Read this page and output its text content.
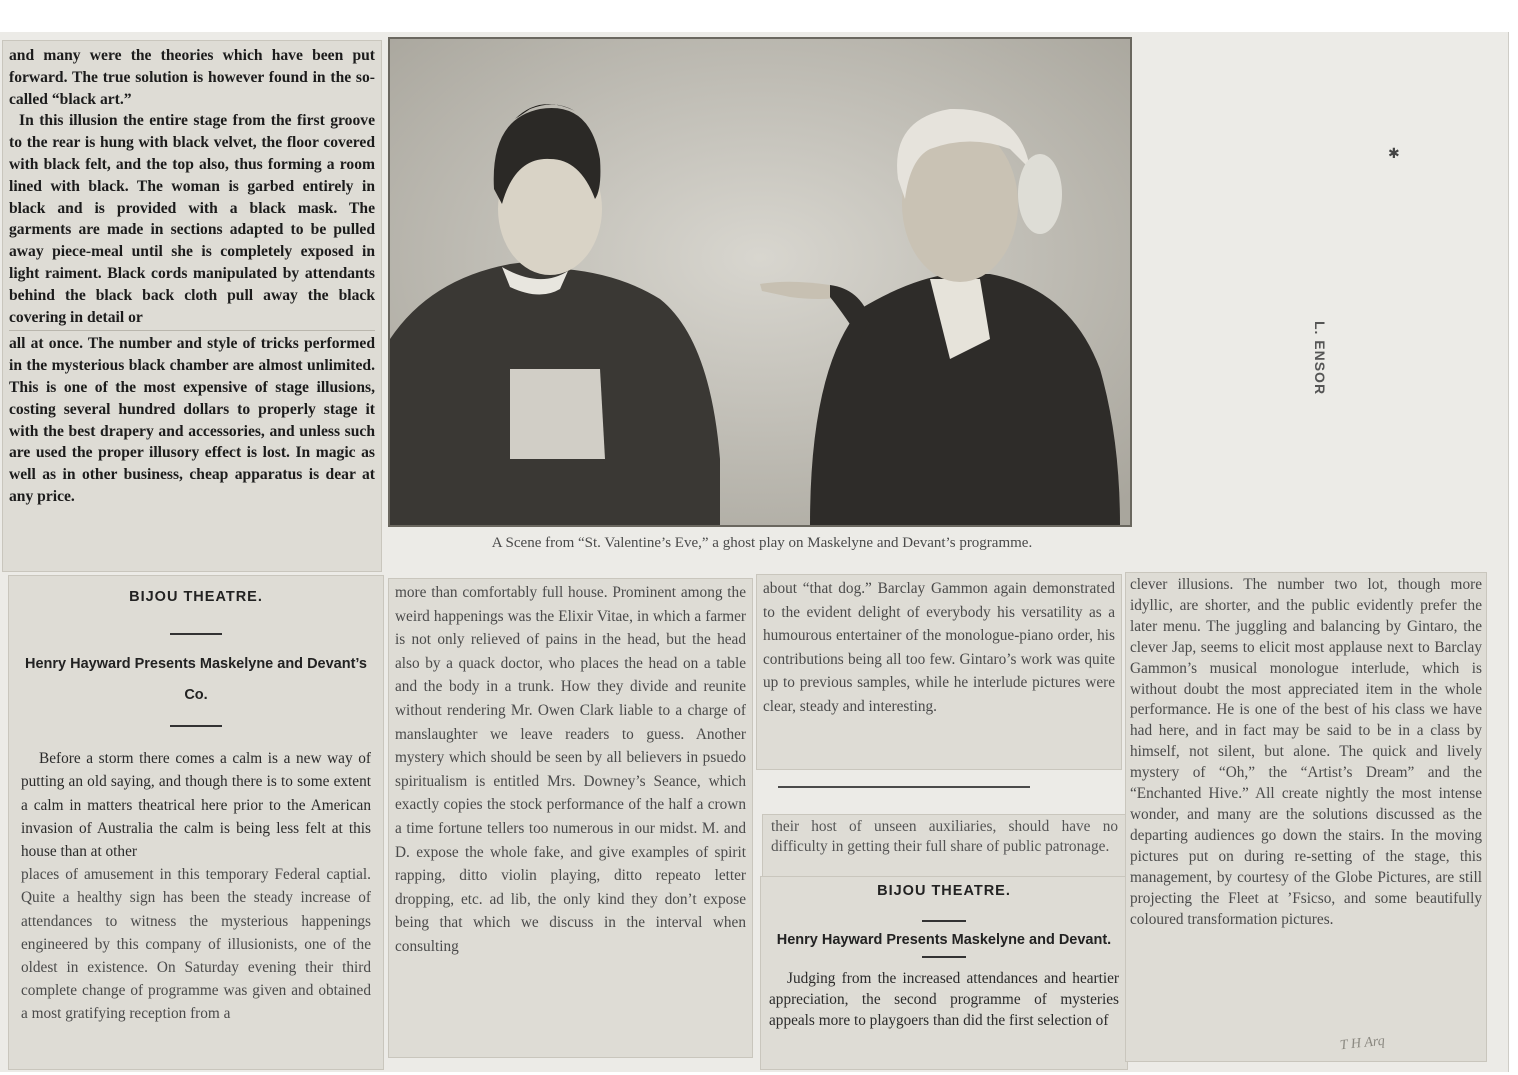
and many were the theories which have been put forward. The true solution is however found in the so-called “black art.”

In this illusion the entire stage from the first groove to the rear is hung with black velvet, the floor covered with black felt, and the top also, thus forming a room lined with black. The woman is garbed entirely in black and is provided with a black mask. The garments are made in sections adapted to be pulled away piece-meal until she is completely exposed in light raiment. Black cords manipulated by attendants behind the black back cloth pull away the black covering in detail or

all at once. The number and style of tricks performed in the mysterious black chamber are almost unlimited. This is one of the most expensive of stage illusions, costing several hundred dollars to properly stage it with the best drapery and accessories, and unless such are used the proper illusory effect is lost. In magic as well as in other business, cheap apparatus is dear at any price.

A Scene from “St. Valentine’s Eve,” a ghost play on Maskelyne and Devant’s programme.
BIJOU THEATRE.
Henry Hayward Presents Maskelyne and Devant’s Co.

Before a storm there comes a calm is a new way of putting an old saying, and though there is to some extent a calm in matters theatrical here prior to the American invasion of Australia the calm is being less felt at this house than at other

places of amusement in this temporary Federal captial. Quite a healthy sign has been the steady increase of attendances to witness the mysterious happenings engineered by this company of illusionists, one of the oldest in existence. On Saturday evening their third complete change of programme was given and obtained a most gratifying reception from a

more than comfortably full house. Prominent among the weird happenings was the Elixir Vitae, in which a farmer is not only relieved of pains in the head, but the head also by a quack doctor, who places the head on a table and the body in a trunk. How they divide and reunite without rendering Mr. Owen Clark liable to a charge of manslaughter we leave readers to guess. Another mystery which should be seen by all believers in psuedo spiritualism is entitled Mrs. Downey’s Seance, which exactly copies the stock performance of the half a crown a time fortune tellers too numerous in our midst. M. and D. expose the whole fake, and give examples of spirit rapping, ditto violin playing, ditto repeato letter dropping, etc. ad lib, the only kind they don’t expose being that which we discuss in the interval when consulting

about “that dog.” Barclay Gammon again demonstrated to the evident delight of everybody his versatility as a humourous entertainer of the monologue-piano order, his contributions being all too few. Gintaro’s work was quite up to previous samples, while he interlude pictures were clear, steady and interesting.

their host of unseen auxiliaries, should have no difficulty in getting their full share of public patronage.

BIJOU THEATRE.
Henry Hayward Presents Maskelyne and Devant.

Judging from the increased attendances and heartier appreciation, the second programme of mysteries appeals more to playgoers than did the first selection of

clever illusions. The number two lot, though more idyllic, are shorter, and the public evidently prefer the later menu. The juggling and balancing by Gintaro, the clever Jap, seems to elicit most applause next to Barclay Gammon’s musical monologue interlude, which is without doubt the most appreciated item in the whole performance. He is one of the best of his class we have had here, and in fact may be said to be in a class by himself, not silent, but alone. The quick and lively mystery of “Oh,” the “Artist’s Dream” and the “Enchanted Hive.” All create nightly the most intense wonder, and many are the solutions discussed as the departing audiences go down the stairs. In the moving pictures put on during re-setting of the stage, this management, by courtesy of the Globe Pictures, are still projecting the Fleet at ’Fsicso, and some beautifully coloured transformation pictures.

L. ENSOR
✱
T H Arq
